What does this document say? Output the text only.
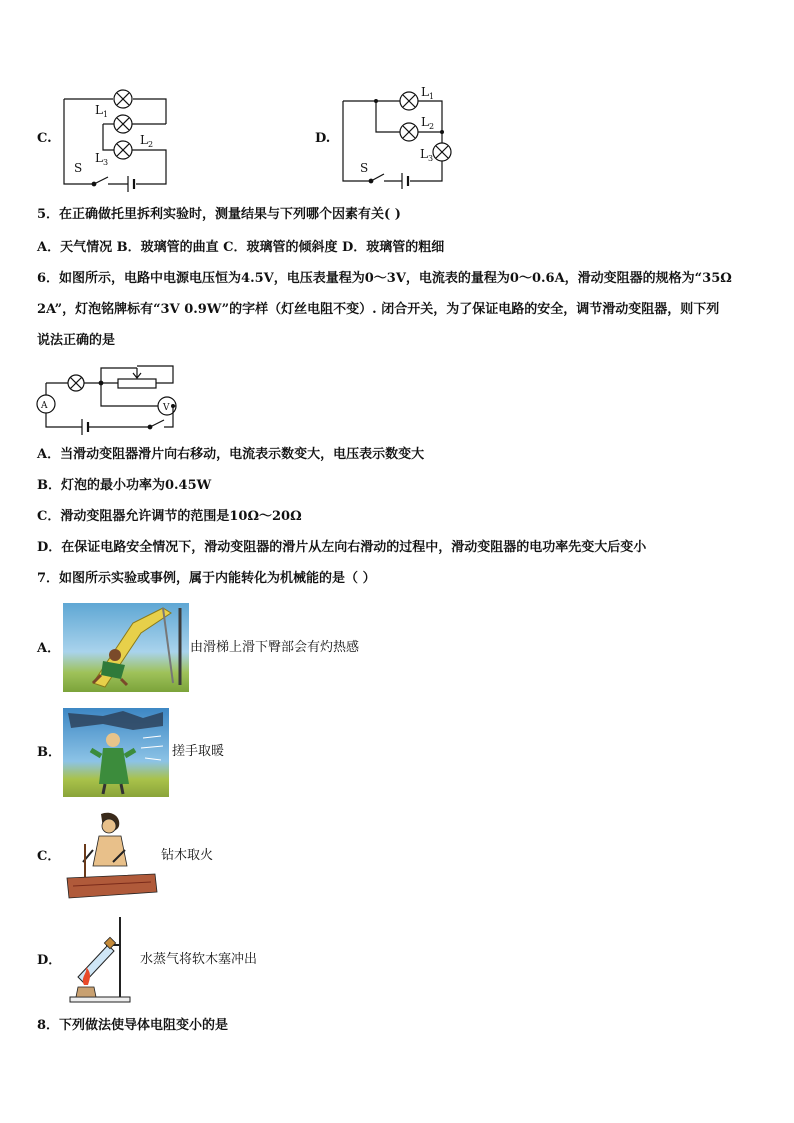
C.
L 1
L 2
L 3
S
D.
L 1
L 2
L 3
S
5．在正确做托里拆利实验时，测量结果与下列哪个因素有关( )
A．天气情况 B．玻璃管的曲直 C．玻璃管的倾斜度 D．玻璃管的粗细
6．如图所示，电路中电源电压恒为4.5V，电压表量程为0～3V，电流表的量程为0～0.6A，滑动变阻器的规格为“35Ω
2A”，灯泡铭牌标有“3V 0.9W”的字样（灯丝电阻不变）. 闭合开关，为了保证电路的安全，调节滑动变阻器，则下列
说法正确的是
A	V
A．当滑动变阻器滑片向右移动，电流表示数变大，电压表示数变大
B．灯泡的最小功率为0.45W
C．滑动变阻器允许调节的范围是10Ω～20Ω
D．在保证电路安全情况下，滑动变阻器的滑片从左向右滑动的过程中，滑动变阻器的电功率先变大后变小
7．如图所示实验或事例，属于内能转化为机械能的是（ ）
A．	由滑梯上滑下臀部会有灼热感
B．	搓手取暖
C．	钻木取火
D．	水蒸气将软木塞冲出
8．下列做法使导体电阻变小的是
